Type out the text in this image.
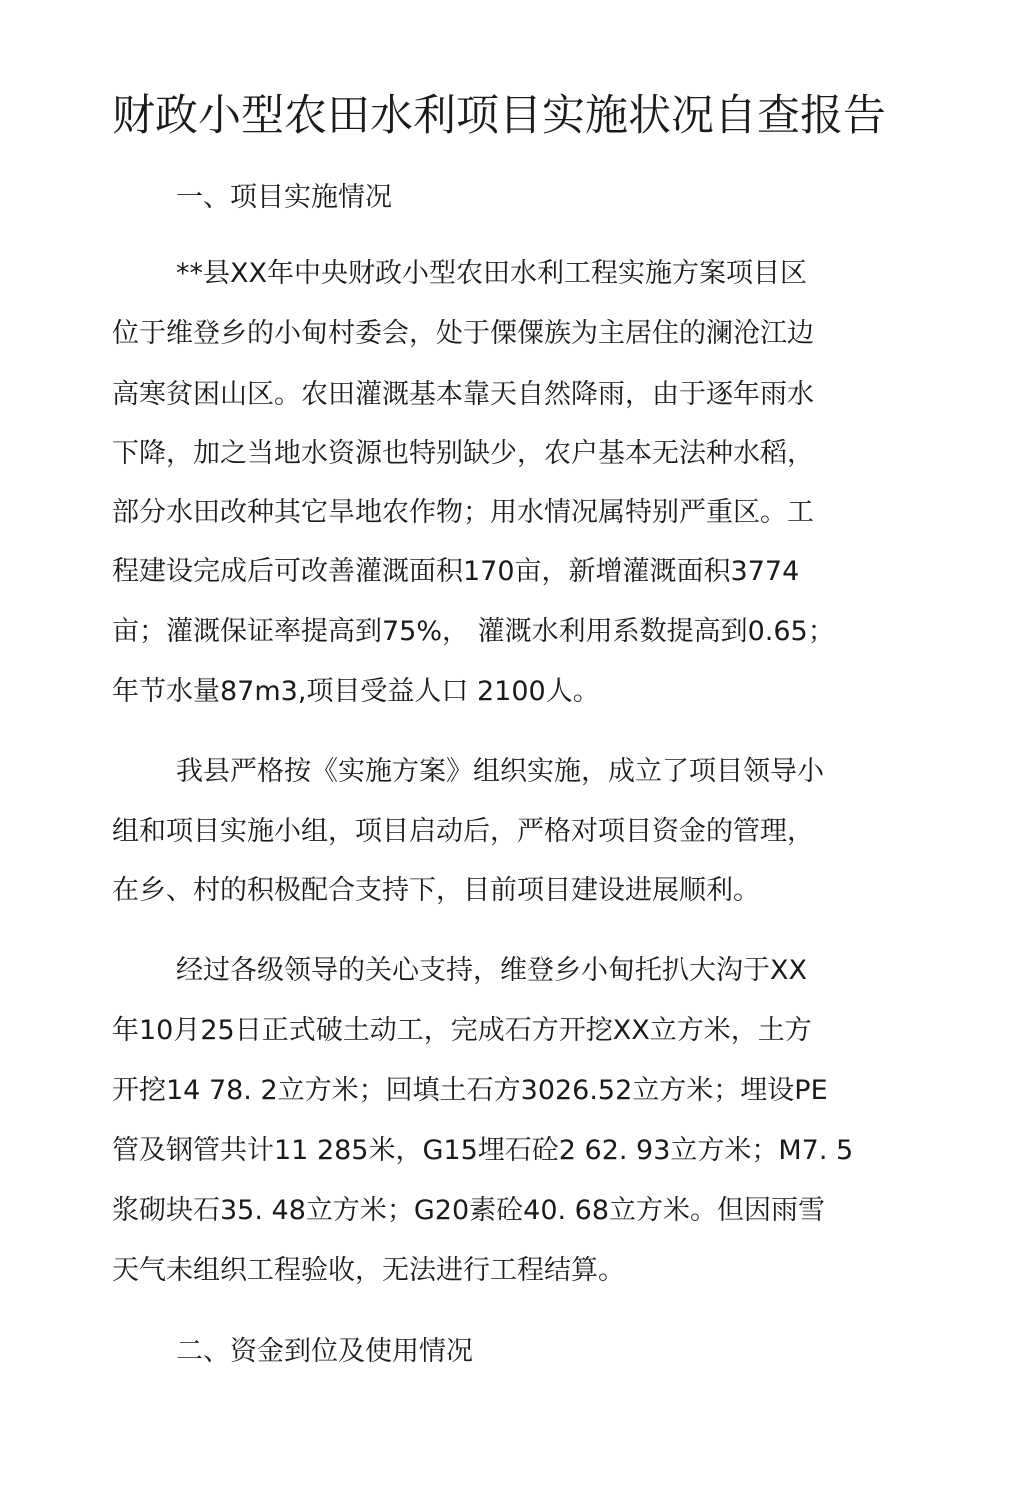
财政小型农田水利项目实施状况自查报告
一、项目实施情况
**县XX年中央财政小型农田水利工程实施方案项目区
位于维登乡的小甸村委会，处于傈僳族为主居住的澜沧江边
高寒贫困山区。农田灌溉基本靠天自然降雨，由于逐年雨水
下降，加之当地水资源也特别缺少，农户基本无法种水稻，
部分水田改种其它旱地农作物；用水情况属特别严重区。工
程建设完成后可改善灌溉面积170亩，新增灌溉面积3774
亩；灌溉保证率提高到75%， 灌溉水利用系数提高到0.65；
年节水量87m3,项目受益人口 2100人。
我县严格按《实施方案》组织实施，成立了项目领导小
组和项目实施小组，项目启动后，严格对项目资金的管理，
在乡、村的积极配合支持下，目前项目建设进展顺利。
经过各级领导的关心支持，维登乡小甸托扒大沟于XX
年10月25日正式破土动工，完成石方开挖XX立方米，土方
开挖14 78. 2立方米；回填土石方3026.52立方米；埋设PE
管及钢管共计11 285米，G15埋石砼2 62. 93立方米；M7. 5
浆砌块石35. 48立方米；G20素砼40. 68立方米。但因雨雪
天气未组织工程验收，无法进行工程结算。
二、资金到位及使用情况
